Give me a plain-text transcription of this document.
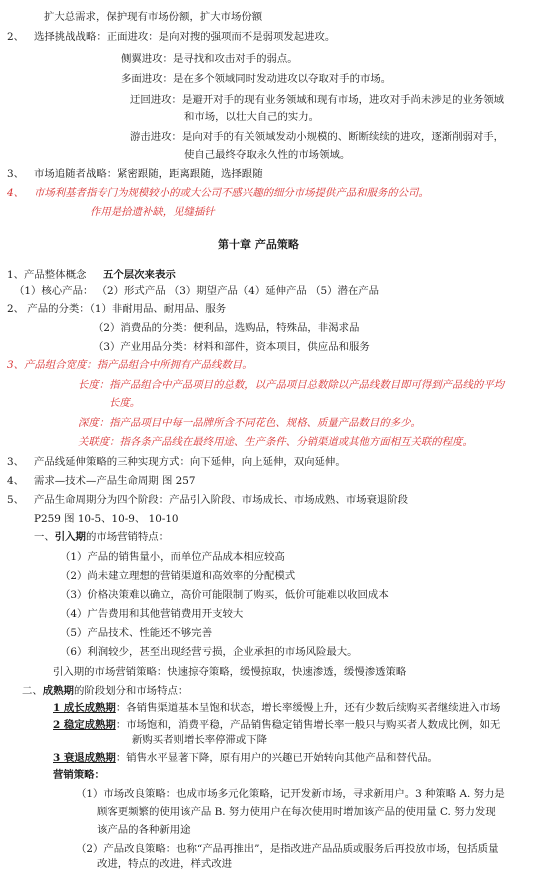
扩大总需求，保护现有市场份额，扩大市场份额
2、 选择挑战战略：正面进攻：是向对搜的强项而不是弱项发起进攻。
侧翼进攻：是寻找和攻击对手的弱点。
多面进攻：是在多个领域同时发动进攻以夺取对手的市场。
迂回进攻：是避开对手的现有业务领域和现有市场，进攻对手尚未涉足的业务领域
和市场，以壮大自己的实力。
游击进攻：是向对手的有关领域发动小规模的、断断续续的进攻，逐渐削弱对手，
使自己最终夺取永久性的市场领域。
3、 市场追随者战略：紧密跟随，距离跟随，选择跟随
4、 市场利基者指专门为规模较小的或大公司不感兴趣的细分市场提供产品和服务的公司。
作用是拾遗补缺，见缝插针
第十章 产品策略
1、产品整体概念 五个层次来表示
（1）核心产品： （2）形式产品 （3）期望产品（4）延伸产品 （5）潜在产品
2、 产品的分类：（1）非耐用品、耐用品、服务
（2）消费品的分类：便利品，选购品，特殊品，非渴求品
（3）产业用品分类：材料和部件，资本项目，供应品和服务
3、产品组合宽度：指产品组合中所拥有产品线数目。
长度：指产品组合中产品项目的总数，以产品项目总数除以产品线数目即可得到产品线的平均
长度。
深度：指产品项目中每一品牌所含不同花色、规格、质量产品数目的多少。
关联度：指各条产品线在最终用途、生产条件、分销渠道或其他方面相互关联的程度。
3、 产品线延伸策略的三种实现方式：向下延伸，向上延伸，双向延伸。
4、 需求—技术—产品生命周期 图 257
5、 产品生命周期分为四个阶段：产品引入阶段、市场成长、市场成熟、市场衰退阶段
P259 图 10-5、10-9、 10-10
一、引入期的市场营销特点：
（1）产品的销售量小，而单位产品成本相应较高
（2）尚未建立理想的营销渠道和高效率的分配模式
（3）价格决策难以确立，高价可能限制了购买，低价可能难以收回成本
（4）广告费用和其他营销费用开支较大
（5）产品技术、性能还不够完善
（6）利润较少，甚至出现经营亏损，企业承担的市场风险最大。
引入期的市场营销策略：快速掠夺策略，缓慢掠取，快速渗透，缓慢渗透策略
二、成熟期的阶段划分和市场特点：
1 成长成熟期：各销售渠道基本呈饱和状态，增长率缓慢上升，还有少数后续购买者继续进入市场
2 稳定成熟期：市场饱和，消费平稳，产品销售稳定销售增长率一般只与购买者人数成比例，如无
新购买者则增长率停滞或下降
3 衰退成熟期：销售水平显著下降，原有用户的兴趣已开始转向其他产品和替代品。
营销策略：
（1）市场改良策略：也成市场多元化策略，记开发新市场，寻求新用户。3 种策略 A. 努力是
顾客更频繁的使用该产品 B. 努力使用户在每次使用时增加该产品的使用量 C. 努力发现
该产品的各种新用途
（2）产品改良策略：也称“产品再推出”，是指改进产品品质或服务后再投放市场，包括质量
改进，特点的改进，样式改进
